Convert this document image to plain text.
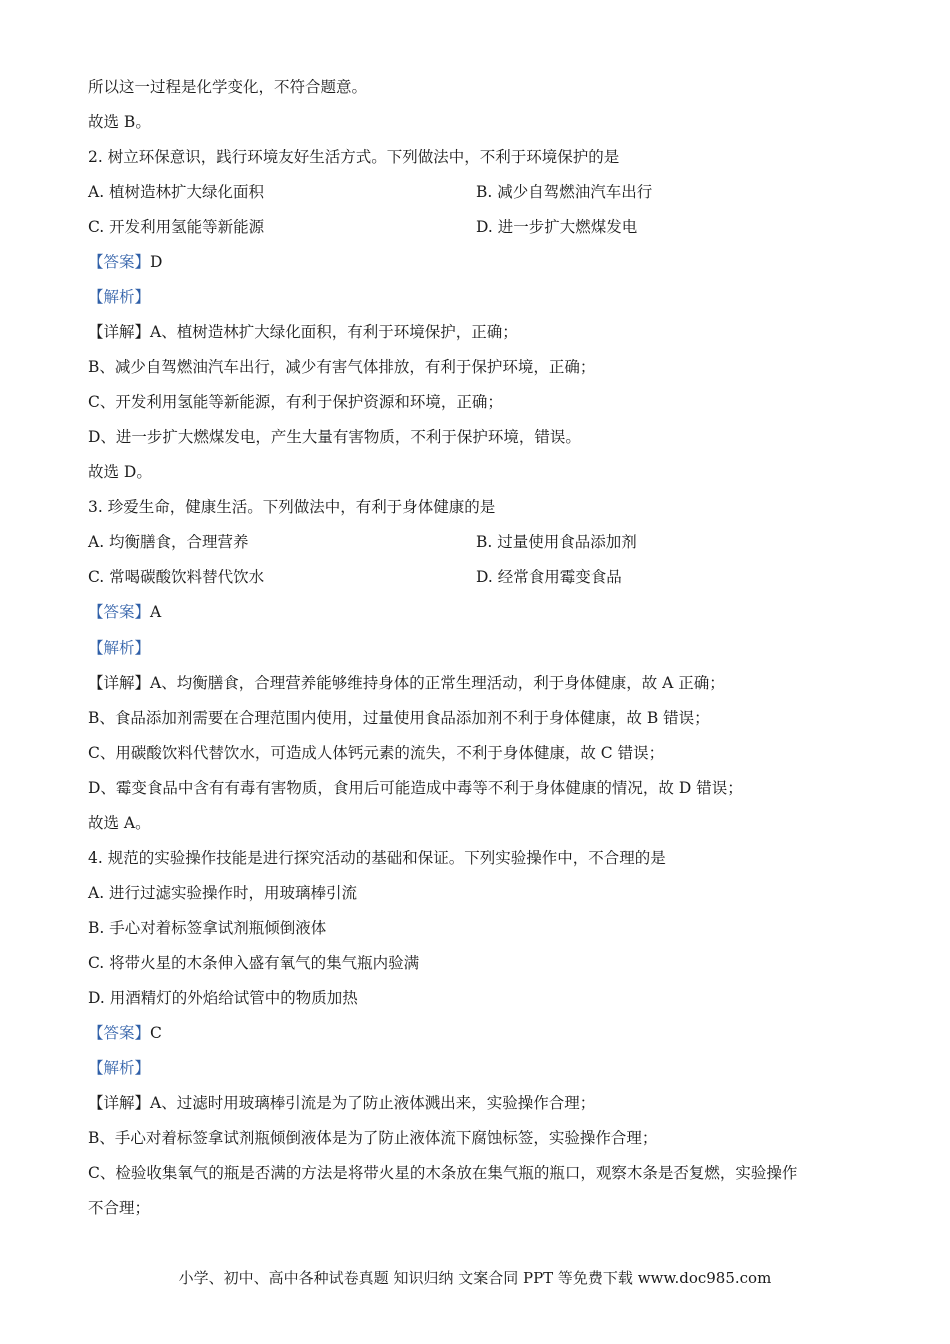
所以这一过程是化学变化，不符合题意。
故选 B。
2. 树立环保意识，践行环境友好生活方式。下列做法中，不利于环境保护的是
A. 植树造林扩大绿化面积	B. 减少自驾燃油汽车出行
C. 开发利用氢能等新能源	D. 进一步扩大燃煤发电
【答案】D
【解析】
【详解】A、植树造林扩大绿化面积，有利于环境保护，正确；
B、减少自驾燃油汽车出行，减少有害气体排放，有利于保护环境，正确；
C、开发利用氢能等新能源，有利于保护资源和环境，正确；
D、进一步扩大燃煤发电，产生大量有害物质，不利于保护环境，错误。
故选 D。
3. 珍爱生命，健康生活。下列做法中，有利于身体健康的是
A. 均衡膳食，合理营养	B. 过量使用食品添加剂
C. 常喝碳酸饮料替代饮水	D. 经常食用霉变食品
【答案】A
【解析】
【详解】A、均衡膳食，合理营养能够维持身体的正常生理活动，利于身体健康，故 A 正确；
B、食品添加剂需要在合理范围内使用，过量使用食品添加剂不利于身体健康，故 B 错误；
C、用碳酸饮料代替饮水，可造成人体钙元素的流失，不利于身体健康，故 C 错误；
D、霉变食品中含有有毒有害物质，食用后可能造成中毒等不利于身体健康的情况，故 D 错误；
故选 A。
4. 规范的实验操作技能是进行探究活动的基础和保证。下列实验操作中，不合理的是
A. 进行过滤实验操作时，用玻璃棒引流
B. 手心对着标签拿试剂瓶倾倒液体
C. 将带火星的木条伸入盛有氧气的集气瓶内验满
D. 用酒精灯的外焰给试管中的物质加热
【答案】C
【解析】
【详解】A、过滤时用玻璃棒引流是为了防止液体溅出来，实验操作合理；
B、手心对着标签拿试剂瓶倾倒液体是为了防止液体流下腐蚀标签，实验操作合理；
C、检验收集氧气的瓶是否满的方法是将带火星的木条放在集气瓶的瓶口，观察木条是否复燃，实验操作
不合理；
小学、初中、高中各种试卷真题 知识归纳 文案合同 PPT 等免费下载 www.doc985.com
